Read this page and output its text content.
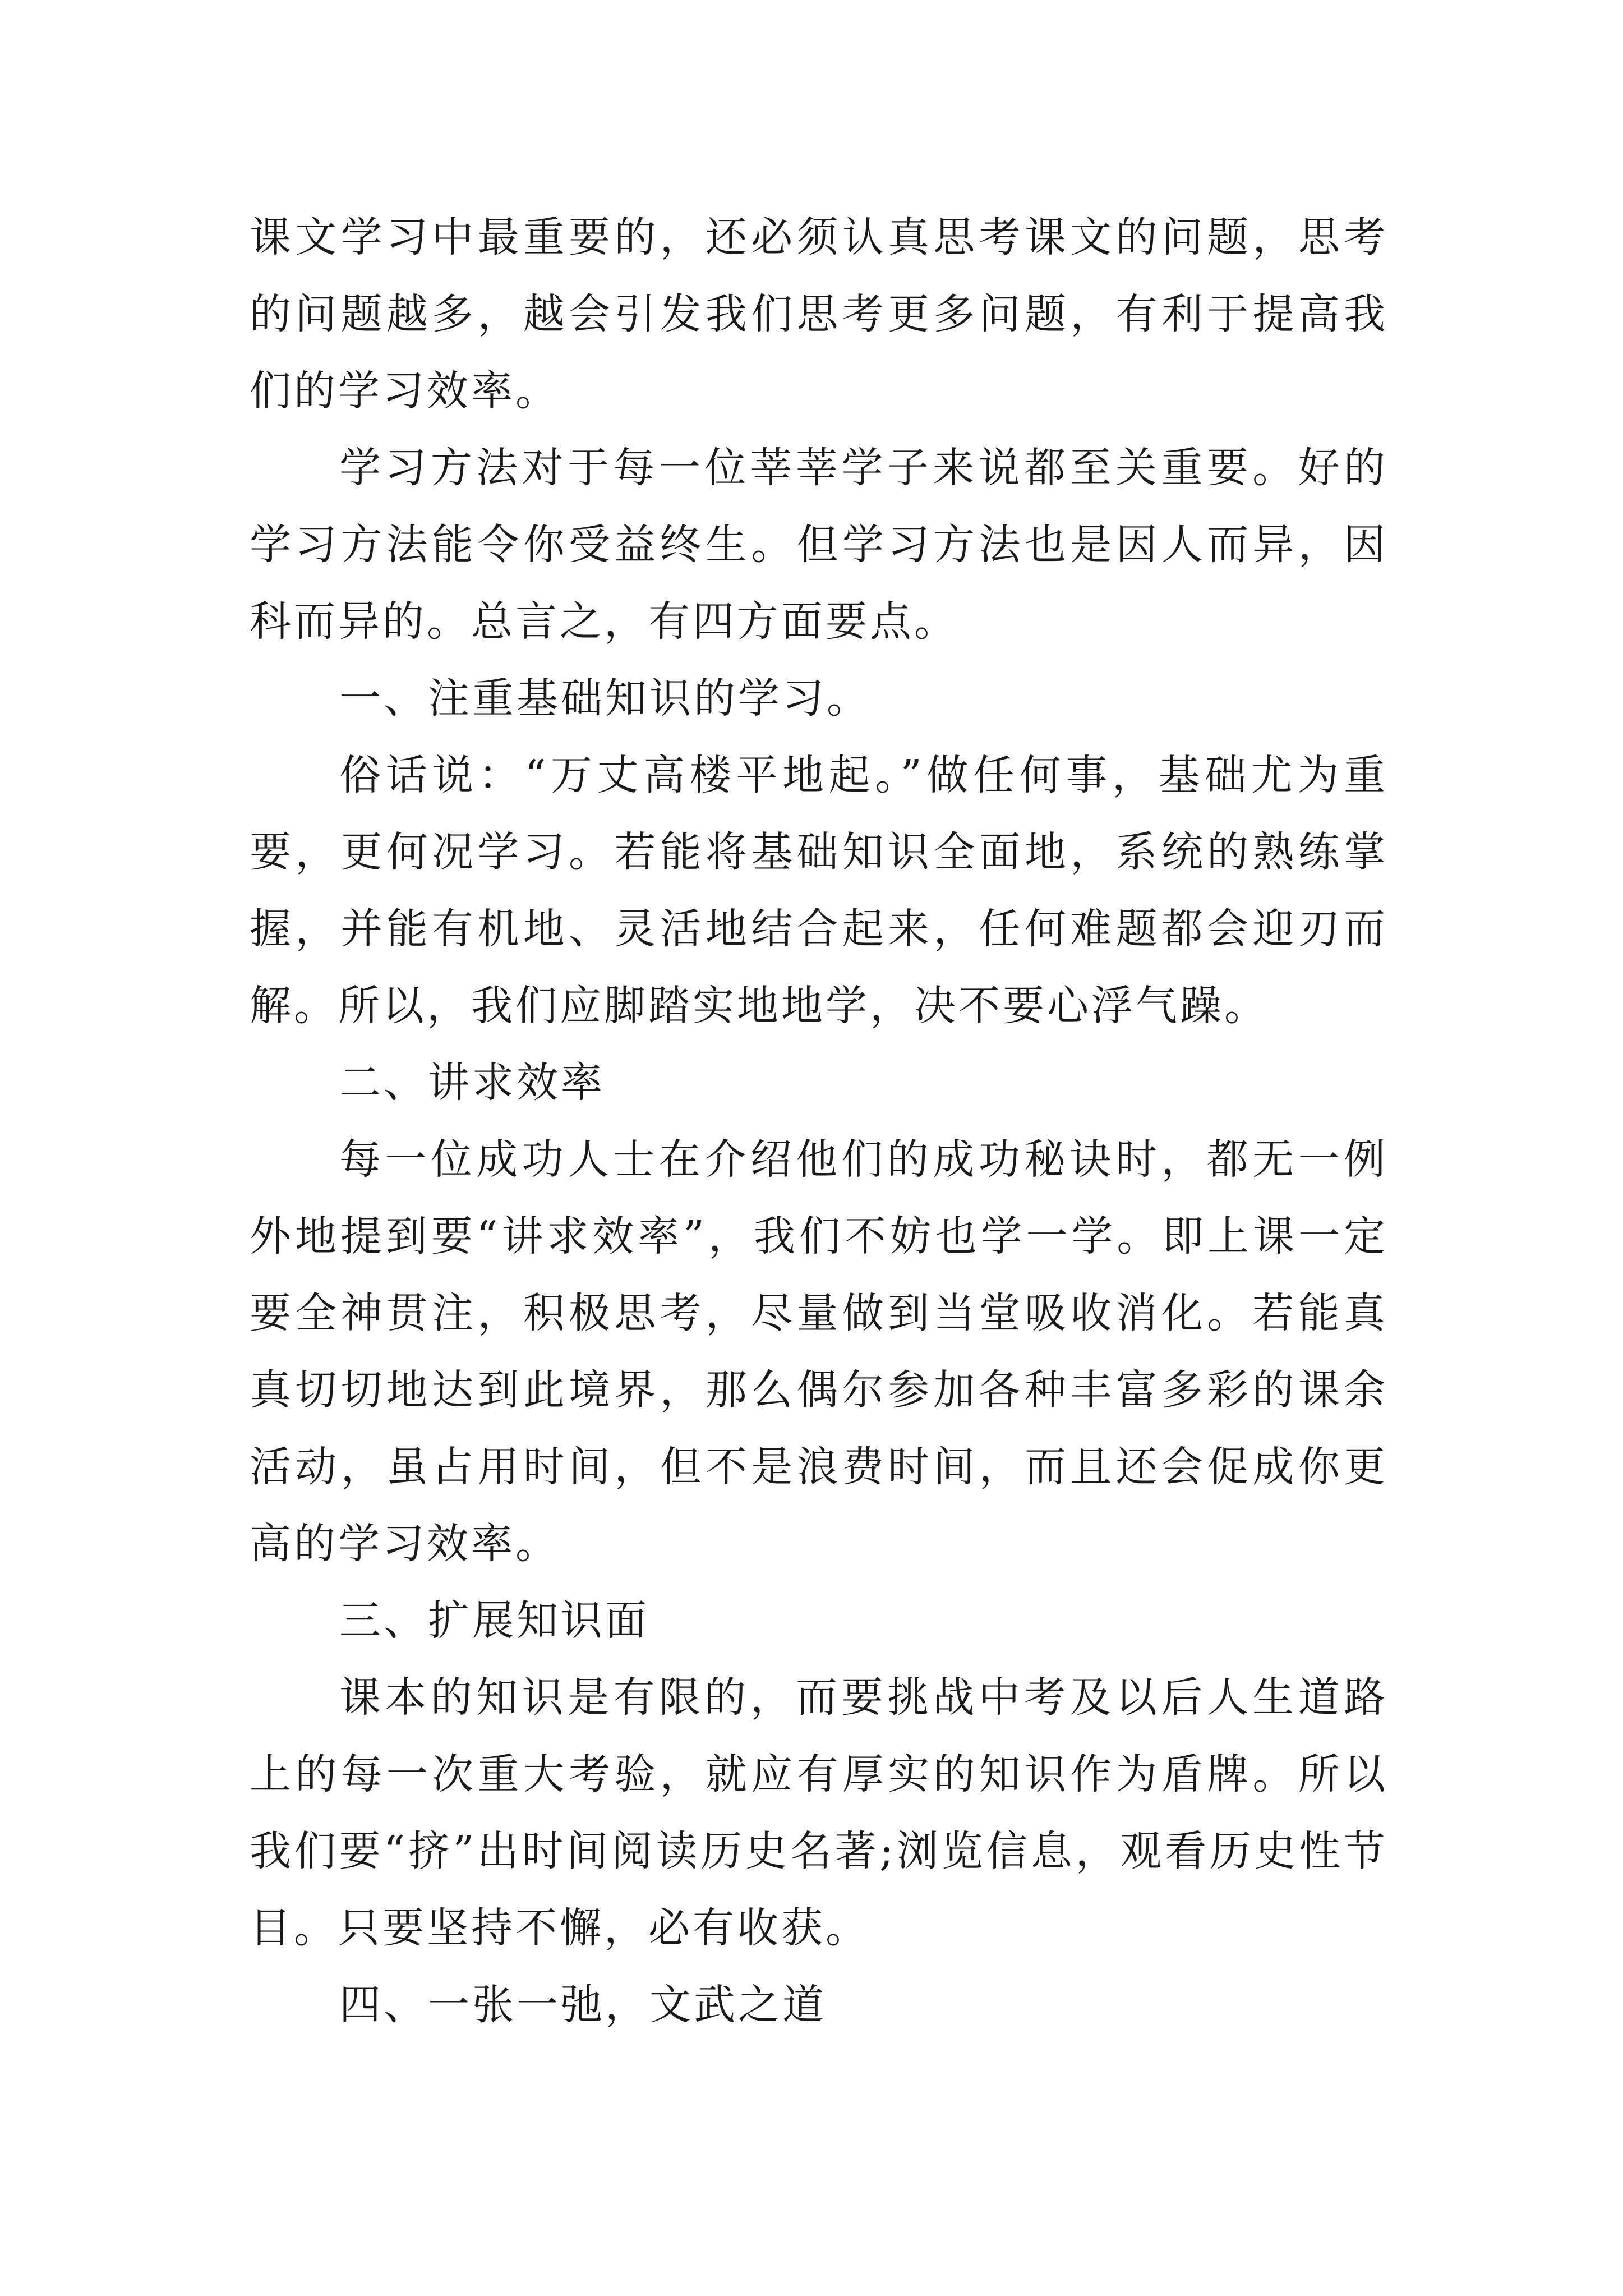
课文学习中最重要的，还必须认真思考课文的问题，思考的问题越多，越会引发我们思考更多问题，有利于提高我们的学习效率。

学习方法对于每一位莘莘学子来说都至关重要。好的学习方法能令你受益终生。但学习方法也是因人而异，因科而异的。总言之，有四方面要点。

一、注重基础知识的学习。

俗话说：“万丈高楼平地起。”做任何事，基础尤为重要，更何况学习。若能将基础知识全面地，系统的熟练掌握，并能有机地、灵活地结合起来，任何难题都会迎刃而解。所以，我们应脚踏实地地学，决不要心浮气躁。

二、讲求效率

每一位成功人士在介绍他们的成功秘诀时，都无一例外地提到要“讲求效率”，我们不妨也学一学。即上课一定要全神贯注，积极思考，尽量做到当堂吸收消化。若能真真切切地达到此境界，那么偶尔参加各种丰富多彩的课余活动，虽占用时间，但不是浪费时间，而且还会促成你更高的学习效率。

三、扩展知识面

课本的知识是有限的，而要挑战中考及以后人生道路上的每一次重大考验，就应有厚实的知识作为盾牌。所以我们要“挤”出时间阅读历史名著;浏览信息，观看历史性节目。只要坚持不懈，必有收获。

四、一张一弛，文武之道
